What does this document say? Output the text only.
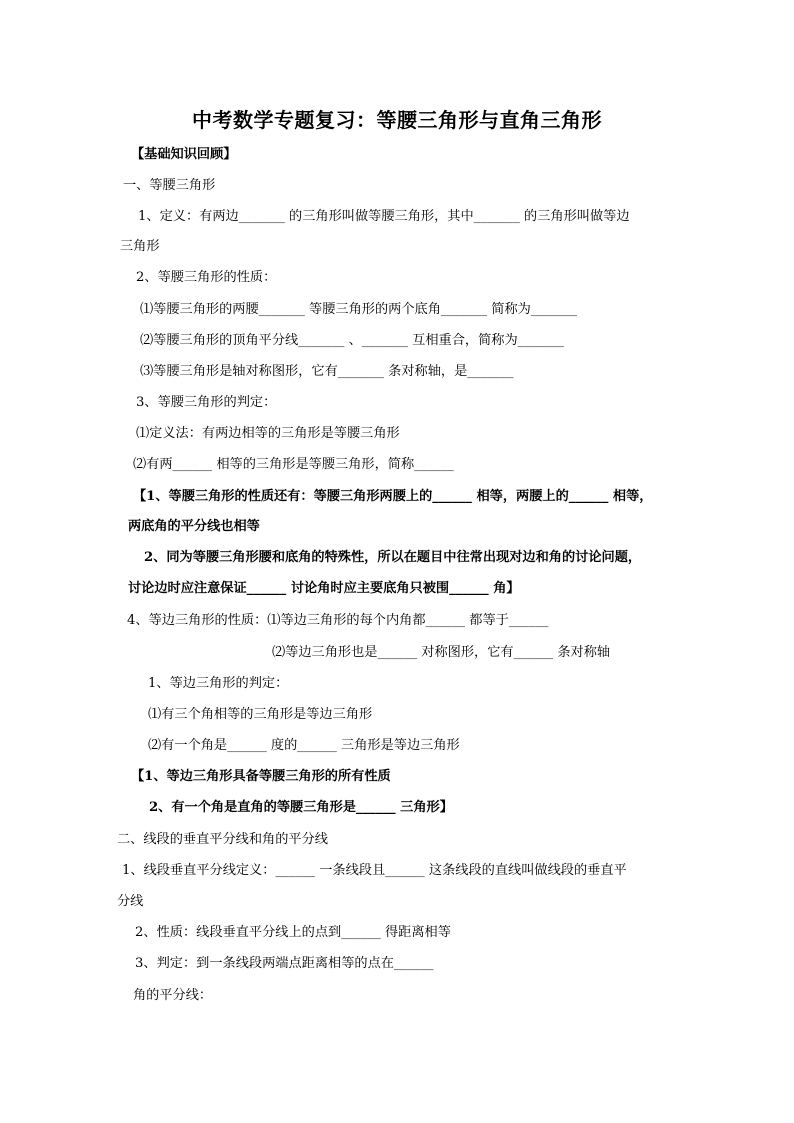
中考数学专题复习：等腰三角形与直角三角形
【基础知识回顾】
一、等腰三角形
1、定义：有两边_______ 的三角形叫做等腰三角形，其中_______ 的三角形叫做等边
三角形
2、等腰三角形的性质：
⑴等腰三角形的两腰_______ 等腰三角形的两个底角_______ 简称为_______
⑵等腰三角形的顶角平分线_______ 、_______ 互相重合，简称为_______
⑶等腰三角形是轴对称图形，它有_______ 条对称轴，是_______
3、等腰三角形的判定：
⑴定义法：有两边相等的三角形是等腰三角形
⑵有两______ 相等的三角形是等腰三角形，简称______
【1、等腰三角形的性质还有：等腰三角形两腰上的______ 相等，两腰上的______ 相等，
两底角的平分线也相等
2、同为等腰三角形腰和底角的特殊性，所以在题目中往常出现对边和角的讨论问题，
讨论边时应注意保证______ 讨论角时应主要底角只被围______ 角】
4、等边三角形的性质：⑴等边三角形的每个内角都______ 都等于______
⑵等边三角形也是______ 对称图形，它有______ 条对称轴
1、等边三角形的判定：
⑴有三个角相等的三角形是等边三角形
⑵有一个角是______ 度的______ 三角形是等边三角形
【1、等边三角形具备等腰三角形的所有性质
2、有一个角是直角的等腰三角形是______ 三角形】
二、线段的垂直平分线和角的平分线
1、线段垂直平分线定义：______ 一条线段且______ 这条线段的直线叫做线段的垂直平
分线
2、性质：线段垂直平分线上的点到______ 得距离相等
3、判定：到一条线段两端点距离相等的点在______
角的平分线：
